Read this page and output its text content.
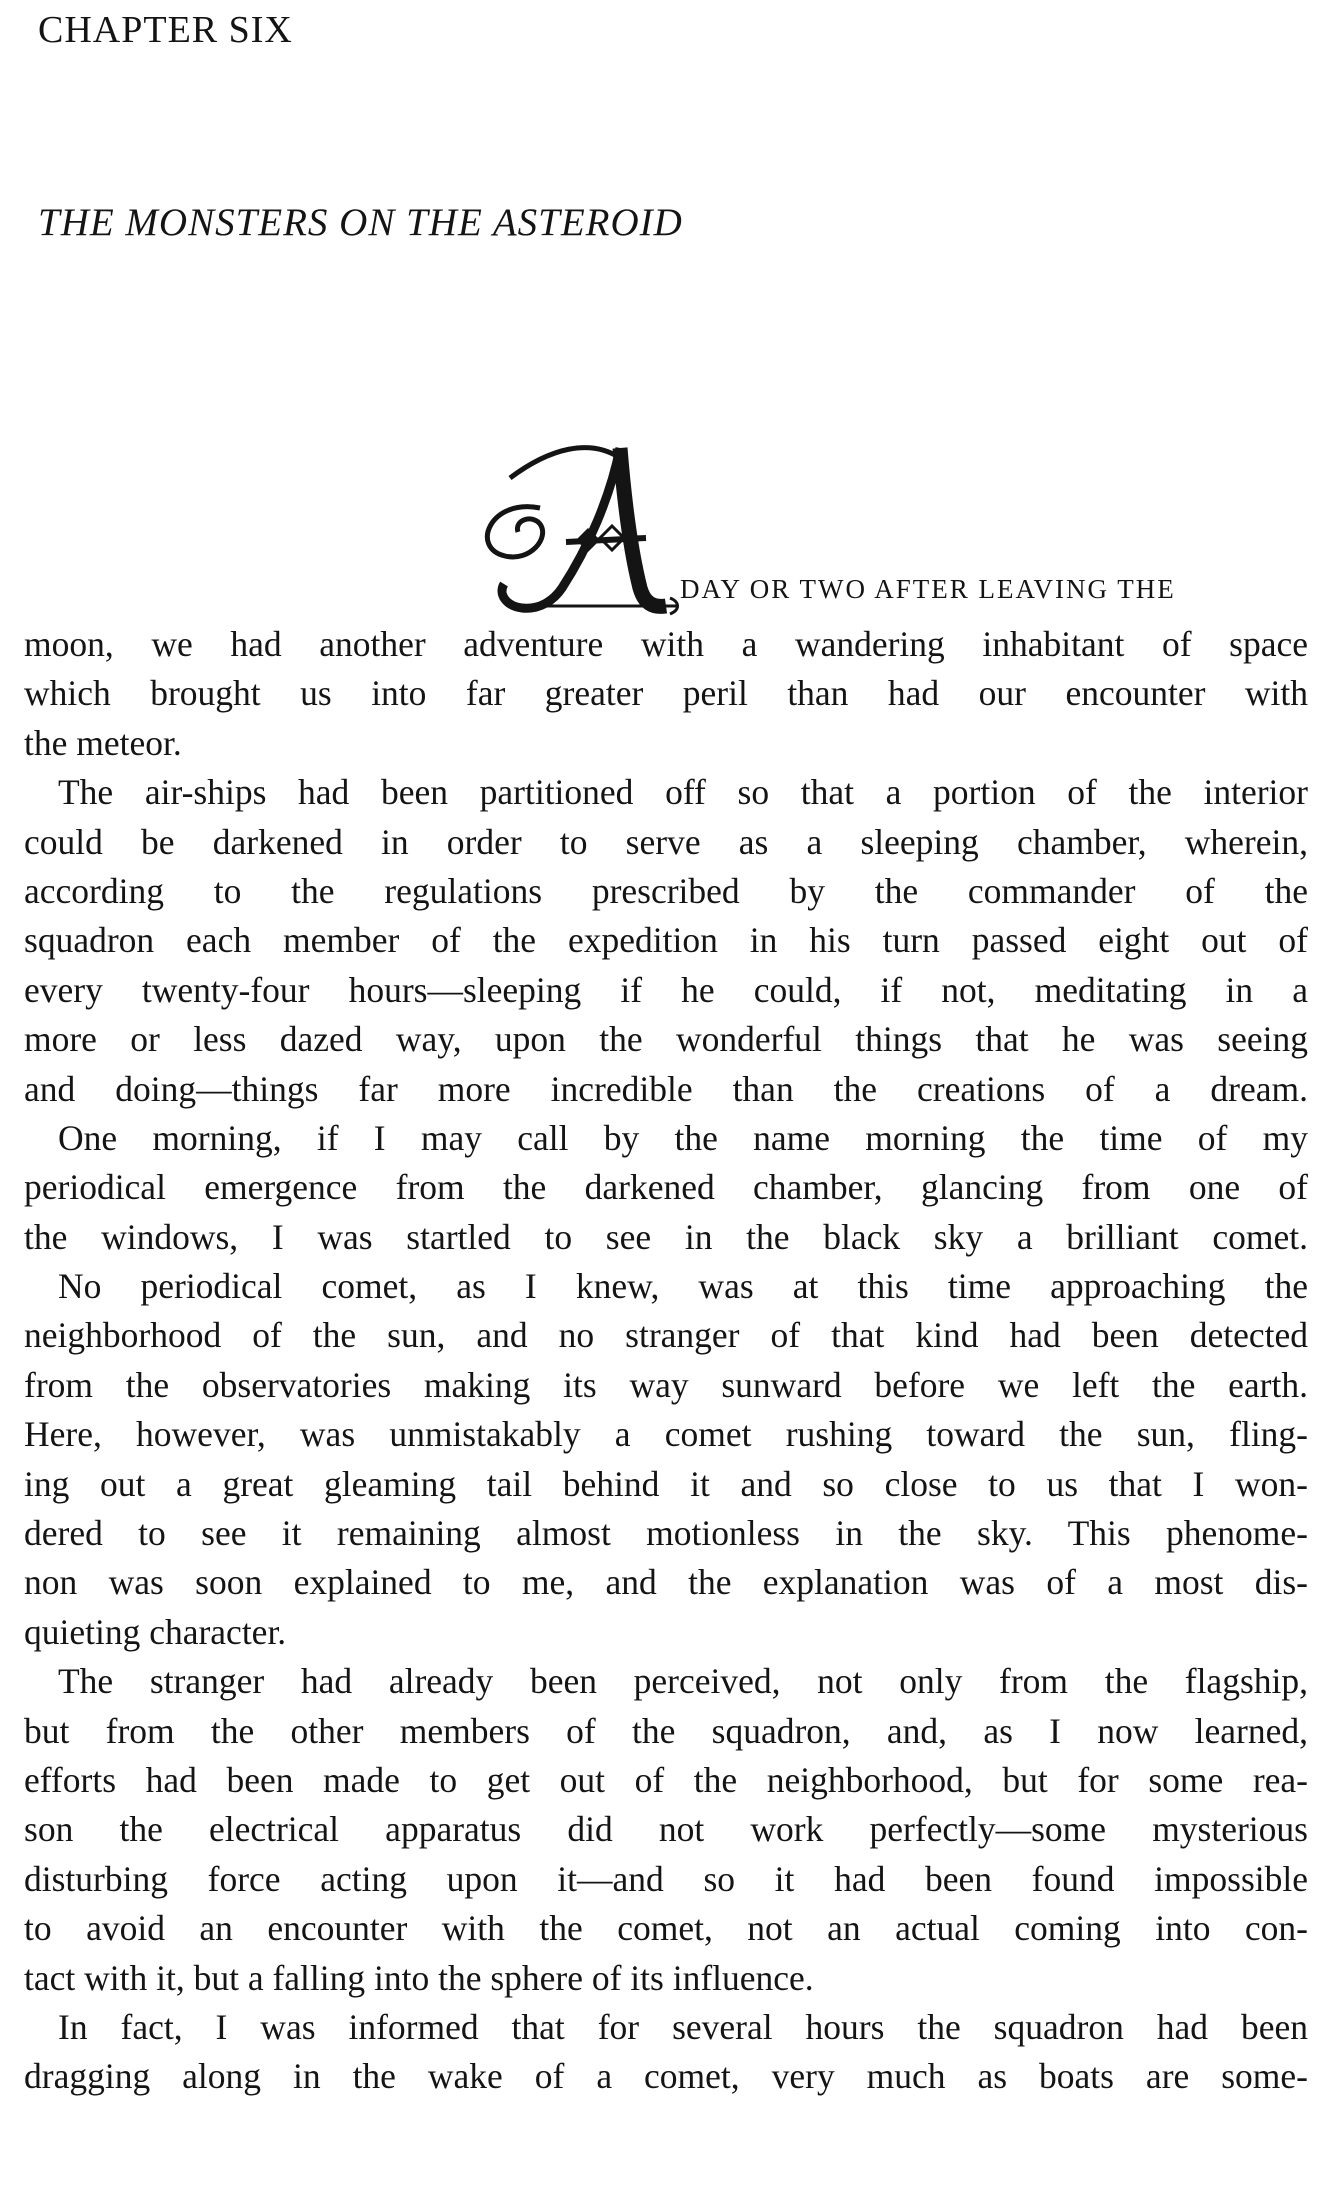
CHAPTER SIX
THE MONSTERS ON THE ASTEROID
DAY OR TWO AFTER LEAVING THE
moon, we had another adventure with a wandering inhabitant of space
which brought us into far greater peril than had our encounter with
the meteor.
The air-ships had been partitioned off so that a portion of the interior
could be darkened in order to serve as a sleeping chamber, wherein,
according to the regulations prescribed by the commander of the
squadron each member of the expedition in his turn passed eight out of
every twenty-four hours—sleeping if he could, if not, meditating in a
more or less dazed way, upon the wonderful things that he was seeing
and doing—things far more incredible than the creations of a dream.
One morning, if I may call by the name morning the time of my
periodical emergence from the darkened chamber, glancing from one of
the windows, I was startled to see in the black sky a brilliant comet.
No periodical comet, as I knew, was at this time approaching the
neighborhood of the sun, and no stranger of that kind had been detected
from the observatories making its way sunward before we left the earth.
Here, however, was unmistakably a comet rushing toward the sun, fling-
ing out a great gleaming tail behind it and so close to us that I won-
dered to see it remaining almost motionless in the sky. This phenome-
non was soon explained to me, and the explanation was of a most dis-
quieting character.
The stranger had already been perceived, not only from the flagship,
but from the other members of the squadron, and, as I now learned,
efforts had been made to get out of the neighborhood, but for some rea-
son the electrical apparatus did not work perfectly—some mysterious
disturbing force acting upon it—and so it had been found impossible
to avoid an encounter with the comet, not an actual coming into con-
tact with it, but a falling into the sphere of its influence.
In fact, I was informed that for several hours the squadron had been
dragging along in the wake of a comet, very much as boats are some-
